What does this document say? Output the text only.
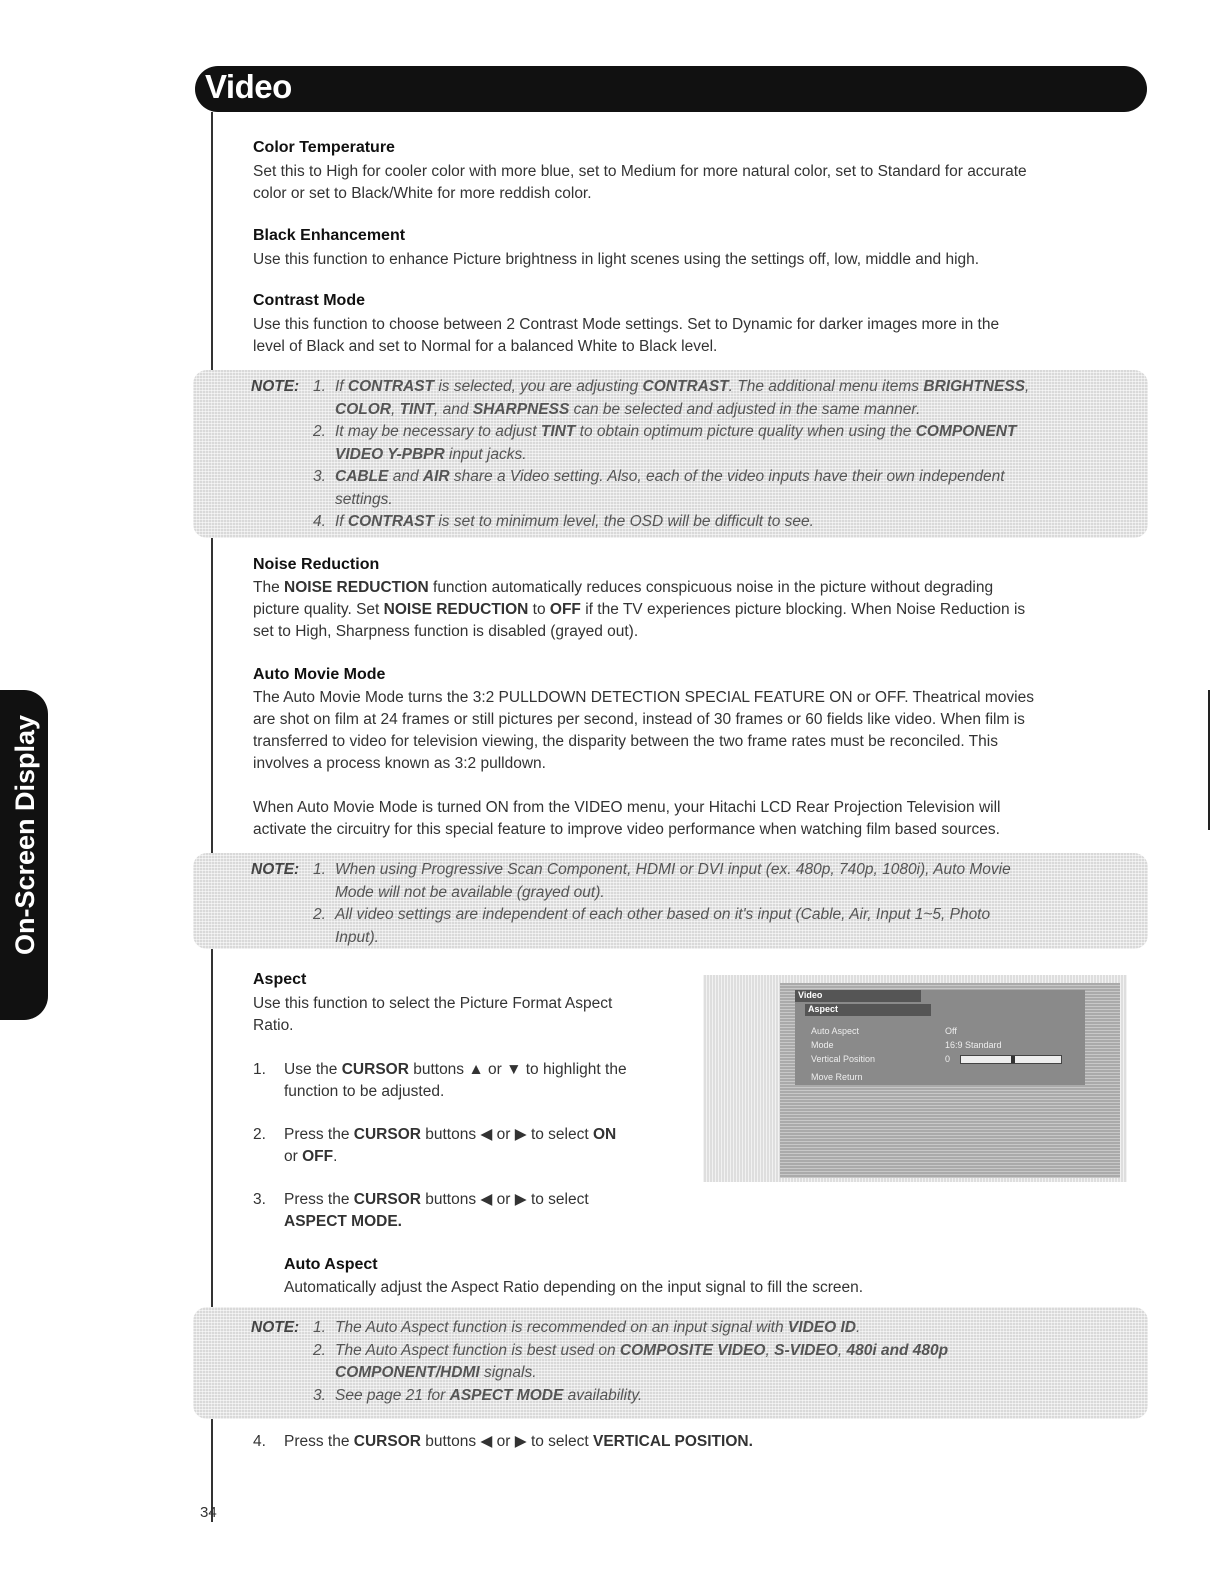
Video
On-Screen Display
Color Temperature

Set this to High for cooler color with more blue, set to Medium for more natural color, set to Standard for accurate

color or set to Black/White for more reddish color.

Black Enhancement

Use this function to enhance Picture brightness in light scenes using the settings off, low, middle and high.

Contrast Mode

Use this function to choose between 2 Contrast Mode settings. Set to Dynamic for darker images more in the

level of Black and set to Normal for a balanced White to Black level.

NOTE: 1. If CONTRAST is selected, you are adjusting CONTRAST. The additional menu items BRIGHTNESS,
COLOR, TINT, and SHARPNESS can be selected and adjusted in the same manner.
2. It may be necessary to adjust TINT to obtain optimum picture quality when using the COMPONENT
VIDEO Y-PBPR input jacks.
3. CABLE and AIR share a Video setting. Also, each of the video inputs have their own independent
settings.
4. If CONTRAST is set to minimum level, the OSD will be difficult to see.
Noise Reduction

The NOISE REDUCTION function automatically reduces conspicuous noise in the picture without degrading

picture quality. Set NOISE REDUCTION to OFF if the TV experiences picture blocking. When Noise Reduction is

set to High, Sharpness function is disabled (grayed out).

Auto Movie Mode

The Auto Movie Mode turns the 3:2 PULLDOWN DETECTION SPECIAL FEATURE ON or OFF. Theatrical movies

are shot on film at 24 frames or still pictures per second, instead of 30 frames or 60 fields like video. When film is

transferred to video for television viewing, the disparity between the two frame rates must be reconciled. This

involves a process known as 3:2 pulldown.

When Auto Movie Mode is turned ON from the VIDEO menu, your Hitachi LCD Rear Projection Television will

activate the circuitry for this special feature to improve video performance when watching film based sources.

NOTE: 1. When using Progressive Scan Component, HDMI or DVI input (ex. 480p, 740p, 1080i), Auto Movie
Mode will not be available (grayed out).
2. All video settings are independent of each other based on it's input (Cable, Air, Input 1~5, Photo
Input).
Aspect

Use this function to select the Picture Format Aspect

Ratio.

1. Use the CURSOR buttons ▲ or ▼ to highlight the
function to be adjusted.
2. Press the CURSOR buttons ◀ or ▶ to select ON
or OFF.
3. Press the CURSOR buttons ◀ or ▶ to select
ASPECT MODE.
Auto Aspect

Automatically adjust the Aspect Ratio depending on the input signal to fill the screen.

Video
Aspect
Auto Aspect	Off
Mode	16:9 Standard
Vertical Position	0
Move Return
NOTE: 1. The Auto Aspect function is recommended on an input signal with VIDEO ID.
2. The Auto Aspect function is best used on COMPOSITE VIDEO, S-VIDEO, 480i and 480p
COMPONENT/HDMI signals.
3. See page 21 for ASPECT MODE availability.
4. Press the CURSOR buttons ◀ or ▶ to select VERTICAL POSITION.
34
